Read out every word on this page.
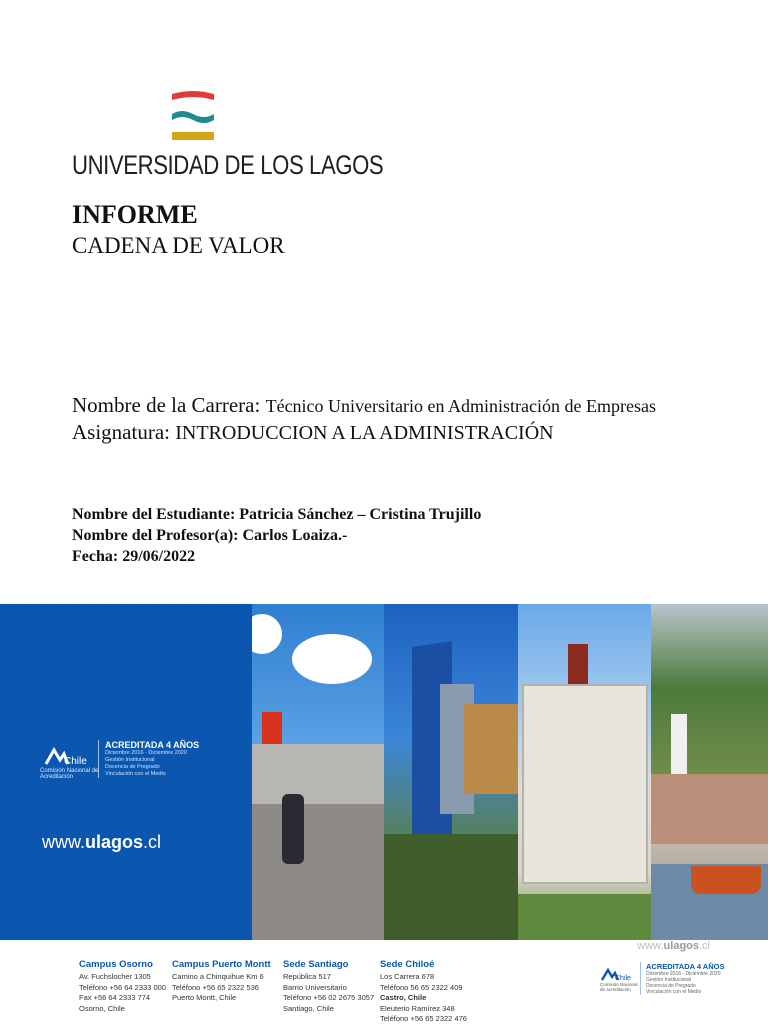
UNIVERSIDAD DE LOS LAGOS
INFORME
CADENA DE VALOR
Nombre de la Carrera: Técnico Universitario en Administración de Empresas
Asignatura: INTRODUCCION A LA ADMINISTRACIÓN
Nombre del Estudiante: Patricia Sánchez – Cristina Trujillo
Nombre del Profesor(a): Carlos Loaiza.-
Fecha: 29/06/2022
Chile
Comisión Nacional de Acreditación
ACREDITADA 4 AÑOS
Diciembre 2016 - Diciembre 2020
Gestión Institucional
Docencia de Pregrado
Vinculación con el Medio
www.ulagos.cl
www.ulagos.cl
Campus Osorno
Av. Fuchslocher 1305
Teléfono +56 64 2333 000
Fax +56 64 2333 774
Osorno, Chile
Campus Puerto Montt
Camino a Chinquihue Km 6
Teléfono +56 65 2322 536
Puerto Montt, Chile
Sede Santiago
República 517
Barrio Universitario
Teléfono +56 02 2675 3057
Santiago, Chile
Sede Chiloé
Los Carrera 678
Teléfono 56 65 2322 409
Castro, Chile
Eleuterio Ramírez 348
Teléfono +56 65 2322 476
Chile
Comisión Nacional de Acreditación
ACREDITADA 4 AÑOS
Diciembre 2016 - Diciembre 2020
Gestión Institucional
Docencia de Pregrado
Vinculación con el Medio
